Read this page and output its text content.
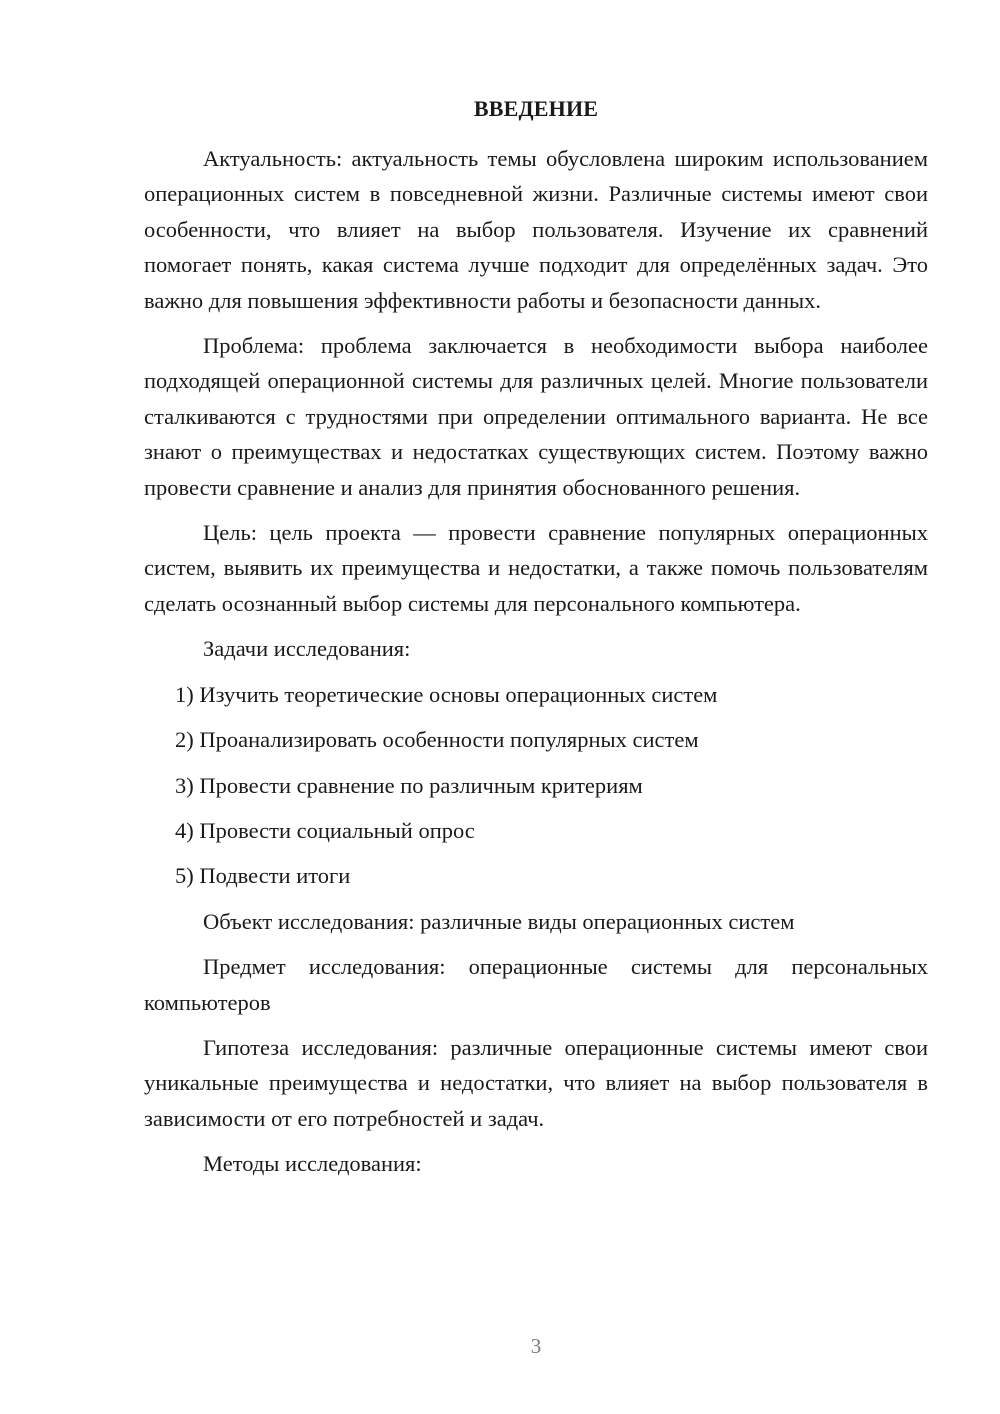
ВВЕДЕНИЕ

Актуальность: актуальность темы обусловлена широким использованием операционных систем в повседневной жизни. Различные системы имеют свои особенности, что влияет на выбор пользователя. Изучение их сравнений помогает понять, какая система лучше подходит для определённых задач. Это важно для повышения эффективности работы и безопасности данных.

Проблема: проблема заключается в необходимости выбора наиболее подходящей операционной системы для различных целей. Многие пользователи сталкиваются с трудностями при определении оптимального варианта. Не все знают о преимуществах и недостатках существующих систем. Поэтому важно провести сравнение и анализ для принятия обоснованного решения.

Цель: цель проекта — провести сравнение популярных операционных систем, выявить их преимущества и недостатки, а также помочь пользователям сделать осознанный выбор системы для персонального компьютера.

Задачи исследования:

1) Изучить теоретические основы операционных систем

2) Проанализировать особенности популярных систем

3) Провести сравнение по различным критериям

4) Провести социальный опрос

5) Подвести итоги

Объект исследования: различные виды операционных систем

Предмет исследования: операционные системы для персональных компьютеров

Гипотеза исследования: различные операционные системы имеют свои уникальные преимущества и недостатки, что влияет на выбор пользователя в зависимости от его потребностей и задач.

Методы исследования:

3
